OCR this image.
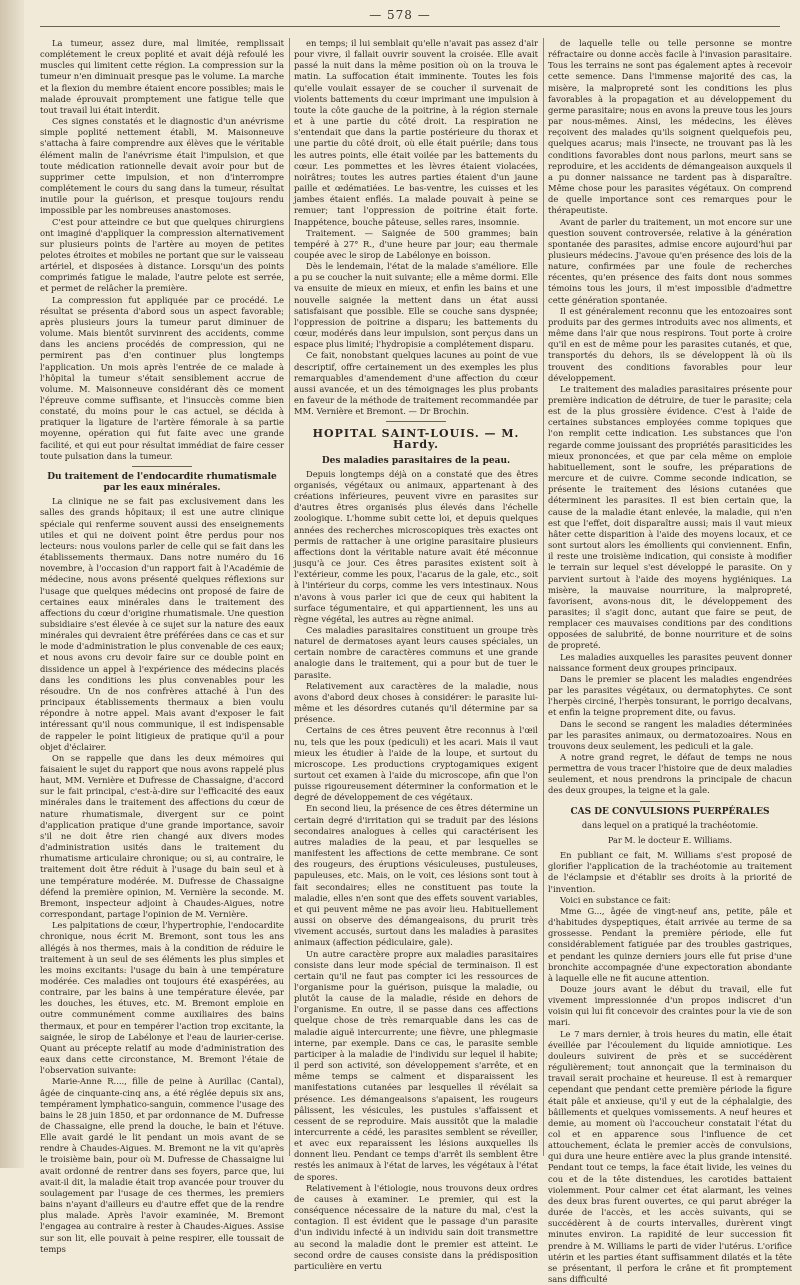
— 578 —

La tumeur, assez dure, mal limitée, remplissait complétement le creux poplité et avait déjà refoulé les muscles qui limitent cette région. La compression sur la tumeur n'en diminuait presque pas le volume. La marche et la flexion du membre étaient encore possibles; mais le malade éprouvait promptement une fatigue telle que tout travail lui était interdit.

Ces signes constatés et le diagnostic d'un anévrisme simple poplité nettement établi, M. Maisonneuve s'attacha à faire comprendre aux élèves que le véritable élément malin de l'anévrisme était l'impulsion, et que toute médication rationnelle devait avoir pour but de supprimer cette impulsion, et non d'interrompre complétement le cours du sang dans la tumeur, résultat inutile pour la guérison, et presque toujours rendu impossible par les nombreuses anastomoses.

C'est pour atteindre ce but que quelques chirurgiens ont imaginé d'appliquer la compression alternativement sur plusieurs points de l'artère au moyen de petites pelotes étroites et mobiles ne portant que sur le vaisseau artériel, et disposées à distance. Lorsqu'un des points comprimés fatigue le malade, l'autre pelote est serrée, et permet de relâcher la première.

La compression fut appliquée par ce procédé. Le résultat se présenta d'abord sous un aspect favorable; après plusieurs jours la tumeur parut diminuer de volume. Mais bientôt survinrent des accidents, comme dans les anciens procédés de compression, qui ne permirent pas d'en continuer plus longtemps l'application. Un mois après l'entrée de ce malade à l'hôpital la tumeur s'était sensiblement accrue de volume. M. Maisonneuve considérant dès ce moment l'épreuve comme suffisante, et l'insuccès comme bien constaté, du moins pour le cas actuel, se décida à pratiquer la ligature de l'artère fémorale à sa partie moyenne, opération qui fut faite avec une grande facilité, et qui eut pour résultat immédiat de faire cesser toute pulsation dans la tumeur.

Du traitement de l'endocardite rhumatismale par les eaux minérales.

La clinique ne se fait pas exclusivement dans les salles des grands hôpitaux; il est une autre clinique spéciale qui renferme souvent aussi des enseignements utiles et qui ne doivent point être perdus pour nos lecteurs: nous voulons parler de celle qui se fait dans les établissements thermaux. Dans notre numéro du 16 novembre, à l'occasion d'un rapport fait à l'Académie de médecine, nous avons présenté quelques réflexions sur l'usage que quelques médecins ont proposé de faire de certaines eaux minérales dans le traitement des affections du cœur d'origine rhumatismale. Une question subsidiaire s'est élevée à ce sujet sur la nature des eaux minérales qui devraient être préférées dans ce cas et sur le mode d'administration le plus convenable de ces eaux; et nous avons cru devoir faire sur ce double point en dissidence un appel à l'expérience des médecins placés dans les conditions les plus convenables pour les résoudre. Un de nos confrères attaché à l'un des principaux établissements thermaux a bien voulu répondre à notre appel. Mais avant d'exposer le fait intéressant qu'il nous communique, il est indispensable de rappeler le point litigieux de pratique qu'il a pour objet d'éclairer.

On se rappelle que dans les deux mémoires qui faisaient le sujet du rapport que nous avons rappelé plus haut, MM. Vernière et Dufresse de Chassaigne, d'accord sur le fait principal, c'est-à-dire sur l'efficacité des eaux minérales dans le traitement des affections du cœur de nature rhumatismale, divergent sur ce point d'application pratique d'une grande importance, savoir s'il ne doit être rien changé aux divers modes d'administration usités dans le traitement du rhumatisme articulaire chronique; ou si, au contraire, le traitement doit être réduit à l'usage du bain seul et à une température modérée. M. Dufresse de Chassaigne défend la première opinion, M. Vernière la seconde. M. Bremont, inspecteur adjoint à Chaudes-Aigues, notre correspondant, partage l'opinion de M. Vernière.

Les palpitations de cœur, l'hypertrophie, l'endocardite chronique, nous écrit M. Bremont, sont tous les ans allégés à nos thermes, mais à la condition de réduire le traitement à un seul de ses éléments les plus simples et les moins excitants: l'usage du bain à une température modérée. Ces maladies ont toujours été exaspérées, au contraire, par les bains à une température élevée, par les douches, les étuves, etc. M. Bremont emploie en outre communément comme auxiliaires des bains thermaux, et pour en tempérer l'action trop excitante, la saignée, le sirop de Labélonye et l'eau de laurier-cerise. Quant au précepte relatif au mode d'administration des eaux dans cette circonstance, M. Bremont l'étaie de l'observation suivante:

Marie-Anne R...., fille de peine à Aurillac (Cantal), âgée de cinquante-cinq ans, a été réglée depuis six ans, tempérament lymphatico-sanguin, commence l'usage des bains le 28 juin 1850, et par ordonnance de M. Dufresse de Chassaigne, elle prend la douche, le bain et l'étuve. Elle avait gardé le lit pendant un mois avant de se rendre à Chaudes-Aigues. M. Bremont ne la vit qu'après le troisième bain, pour où M. Dufresse de Chassaigne lui avait ordonné de rentrer dans ses foyers, parce que, lui avait-il dit, la maladie était trop avancée pour trouver du soulagement par l'usage de ces thermes, les premiers bains n'ayant d'ailleurs eu d'autre effet que de la rendre plus malade. Après l'avoir examinée, M. Bremont l'engagea au contraire à rester à Chaudes-Aigues. Assise sur son lit, elle pouvait à peine respirer, elle toussait de temps

en temps; il lui semblait qu'elle n'avait pas assez d'air pour vivre, il fallait ouvrir souvent la croisée. Elle avait passé la nuit dans la même position où on la trouva le matin. La suffocation était imminente. Toutes les fois qu'elle voulait essayer de se coucher il survenait de violents battements du cœur imprimant une impulsion à toute la côte gauche de la poitrine, à la région sternale et à une partie du côté droit. La respiration ne s'entendait que dans la partie postérieure du thorax et une partie du côté droit, où elle était puérile; dans tous les autres points, elle était voilée par les battements du cœur. Les pommettes et les lèvres étaient violacées, noirâtres; toutes les autres parties étaient d'un jaune paille et œdématiées. Le bas-ventre, les cuisses et les jambes étaient enflés. La malade pouvait à peine se remuer; tant l'oppression de poitrine était forte. Inappétence, bouche pâteuse, selles rares, insomnie.

Traitement. — Saignée de 500 grammes; bain tempéré à 27° R., d'une heure par jour; eau thermale coupée avec le sirop de Labélonye en boisson.

Dès le lendemain, l'état de la malade s'améliore. Elle a pu se coucher la nuit suivante; elle a même dormi. Elle va ensuite de mieux en mieux, et enfin les bains et une nouvelle saignée la mettent dans un état aussi satisfaisant que possible. Elle se couche sans dyspnée; l'oppression de poitrine a disparu; les battements du cœur, modérés dans leur impulsion, sont perçus dans un espace plus limité; l'hydropisie a complétement disparu.

Ce fait, nonobstant quelques lacunes au point de vue descriptif, offre certainement un des exemples les plus remarquables d'amendement d'une affection du cœur aussi avancée, et un des témoignages les plus probants en faveur de la méthode de traitement recommandée par MM. Vernière et Bremont. — Dr Brochin.

HOPITAL SAINT-LOUIS. — M. Hardy.
Des maladies parasitaires de la peau.

Depuis longtemps déjà on a constaté que des êtres organisés, végétaux ou animaux, appartenant à des créations inférieures, peuvent vivre en parasites sur d'autres êtres organisés plus élevés dans l'échelle zoologique. L'homme subit cette loi, et depuis quelques années des recherches microscopiques très exactes ont permis de rattacher à une origine parasitaire plusieurs affections dont la véritable nature avait été méconnue jusqu'à ce jour. Ces êtres parasites existent soit à l'extérieur, comme les poux, l'acarus de la gale, etc., soit à l'intérieur du corps, comme les vers intestinaux. Nous n'avons à vous parler ici que de ceux qui habitent la surface tégumentaire, et qui appartiennent, les uns au règne végétal, les autres au règne animal.

Ces maladies parasitaires constituent un groupe très naturel de dermatoses ayant leurs causes spéciales, un certain nombre de caractères communs et une grande analogie dans le traitement, qui a pour but de tuer le parasite.

Relativement aux caractères de la maladie, nous avons d'abord deux choses à considérer: le parasite lui-même et les désordres cutanés qu'il détermine par sa présence.

Certains de ces êtres peuvent être reconnus à l'œil nu, tels que les poux (pediculi) et les acari. Mais il vaut mieux les étudier à l'aide de la loupe, et surtout du microscope. Les productions cryptogamiques exigent surtout cet examen à l'aide du microscope, afin que l'on puisse rigoureusement déterminer la conformation et le degré de développement de ces végétaux.

En second lieu, la présence de ces êtres détermine un certain degré d'irritation qui se traduit par des lésions secondaires analogues à celles qui caractérisent les autres maladies de la peau, et par lesquelles se manifestent les affections de cette membrane. Ce sont des rougeurs, des éruptions vésiculeuses, pustuleuses, papuleuses, etc. Mais, on le voit, ces lésions sont tout à fait secondaires; elles ne constituent pas toute la maladie, elles n'en sont que des effets souvent variables, et qui peuvent même ne pas avoir lieu. Habituellement aussi on observe des démangeaisons, du prurit très vivement accusés, surtout dans les maladies à parasites animaux (affection pédiculaire, gale).

Un autre caractère propre aux maladies parasitaires consiste dans leur mode spécial de terminaison. Il est certain qu'il ne faut pas compter ici les ressources de l'organisme pour la guérison, puisque la maladie, ou plutôt la cause de la maladie, réside en dehors de l'organisme. En outre, il se passe dans ces affections quelque chose de très remarquable dans les cas de maladie aiguë intercurrente; une fièvre, une phlegmasie interne, par exemple. Dans ce cas, le parasite semble participer à la maladie de l'individu sur lequel il habite; il perd son activité, son développement s'arrête, et en même temps se calment et disparaissent les manifestations cutanées par lesquelles il révélait sa présence. Les démangeaisons s'apaisent, les rougeurs pâlissent, les vésicules, les pustules s'affaissent et cessent de se reproduire. Mais aussitôt que la maladie intercurrente a cédé, les parasites semblent se réveiller, et avec eux reparaissent les lésions auxquelles ils donnent lieu. Pendant ce temps d'arrêt ils semblent être restés les animaux à l'état de larves, les végétaux à l'état de spores.

Relativement à l'étiologie, nous trouvons deux ordres de causes à examiner. Le premier, qui est la conséquence nécessaire de la nature du mal, c'est la contagion. Il est évident que le passage d'un parasite d'un individu infecté à un individu sain doit transmettre au second la maladie dont le premier est atteint. Le second ordre de causes consiste dans la prédisposition particulière en vertu

de laquelle telle ou telle personne se montre réfractaire ou donne accès facile à l'invasion parasitaire. Tous les terrains ne sont pas également aptes à recevoir cette semence. Dans l'immense majorité des cas, la misère, la malpropreté sont les conditions les plus favorables à la propagation et au développement du germe parasitaire; nous en avons la preuve tous les jours par nous-mêmes. Ainsi, les médecins, les élèves reçoivent des malades qu'ils soignent quelquefois peu, quelques acarus; mais l'insecte, ne trouvant pas là les conditions favorables dont nous parlons, meurt sans se reproduire, et les accidents de démangeaison auxquels il a pu donner naissance ne tardent pas à disparaître. Même chose pour les parasites végétaux. On comprend de quelle importance sont ces remarques pour le thérapeutiste.

Avant de parler du traitement, un mot encore sur une question souvent controversée, relative à la génération spontanée des parasites, admise encore aujourd'hui par plusieurs médecins. J'avoue qu'en présence des lois de la nature, confirmées par une foule de recherches récentes, qu'en présence des faits dont nous sommes témoins tous les jours, il m'est impossible d'admettre cette génération spontanée.

Il est généralement reconnu que les entozoaires sont produits par des germes introduits avec nos aliments, et même dans l'air que nous respirons. Tout porte à croire qu'il en est de même pour les parasites cutanés, et que, transportés du dehors, ils se développent là où ils trouvent des conditions favorables pour leur développement.

Le traitement des maladies parasitaires présente pour première indication de détruire, de tuer le parasite; cela est de la plus grossière évidence. C'est à l'aide de certaines substances employées comme topiques que l'on remplit cette indication. Les substances que l'on regarde comme jouissant des propriétés parasiticides les mieux prononcées, et que par cela même on emploie habituellement, sont le soufre, les préparations de mercure et de cuivre. Comme seconde indication, se présente le traitement des lésions cutanées que déterminent les parasites. Il est bien certain que, la cause de la maladie étant enlevée, la maladie, qui n'en est que l'effet, doit disparaître aussi; mais il vaut mieux hâter cette disparition à l'aide des moyens locaux, et ce sont surtout alors les émollients qui conviennent. Enfin, il reste une troisième indication, qui consiste à modifier le terrain sur lequel s'est développé le parasite. On y parvient surtout à l'aide des moyens hygiéniques. La misère, la mauvaise nourriture, la malpropreté, favorisent, avons-nous dit, le développement des parasites; il s'agit donc, autant que faire se peut, de remplacer ces mauvaises conditions par des conditions opposées de salubrité, de bonne nourriture et de soins de propreté.

Les maladies auxquelles les parasites peuvent donner naissance forment deux groupes principaux.

Dans le premier se placent les maladies engendrées par les parasites végétaux, ou dermatophytes. Ce sont l'herpès circiné, l'herpès tonsurant, le porrigo decalvans, et enfin la teigne proprement dite, ou favus.

Dans le second se rangent les maladies déterminées par les parasites animaux, ou dermatozoaires. Nous en trouvons deux seulement, les pediculi et la gale.

A notre grand regret, le défaut de temps ne nous permettra de vous tracer l'histoire que de deux maladies seulement, et nous prendrons la principale de chacun des deux groupes, la teigne et la gale.

CAS DE CONVULSIONS PUERPÉRALES
dans lequel on a pratiqué la trachéotomie.
Par M. le docteur E. Williams.

En publiant ce fait, M. Williams s'est proposé de glorifier l'application de la trachéotomie au traitement de l'éclampsie et d'établir ses droits à la priorité de l'invention.

Voici en substance ce fait:

Mme G..., âgée de vingt-neuf ans, petite, pâle et d'habitudes dyspeptiques, était arrivée au terme de sa grossesse. Pendant la première période, elle fut considérablement fatiguée par des troubles gastriques, et pendant les quinze derniers jours elle fut prise d'une bronchite accompagnée d'une expectoration abondante à laquelle elle ne fit aucune attention.

Douze jours avant le début du travail, elle fut vivement impressionnée d'un propos indiscret d'un voisin qui lui fit concevoir des craintes pour la vie de son mari.

Le 7 mars dernier, à trois heures du matin, elle était éveillée par l'écoulement du liquide amniotique. Les douleurs suivirent de près et se succédèrent régulièrement; tout annonçait que la terminaison du travail serait prochaine et heureuse. Il est à remarquer cependant que pendant cette première période la figure était pâle et anxieuse, qu'il y eut de la céphalalgie, des bâillements et quelques vomissements. A neuf heures et demie, au moment où l'accoucheur constatait l'état du col et en apparence sous l'influence de cet attouchement, éclata le premier accès de convulsions, qui dura une heure entière avec la plus grande intensité. Pendant tout ce temps, la face était livide, les veines du cou et de la tête distendues, les carotides battaient violemment. Pour calmer cet état alarmant, les veines des deux bras furent ouvertes, ce qui parut abréger la durée de l'accès, et les accès suivants, qui se succédèrent à de courts intervalles, durèrent vingt minutes environ. La rapidité de leur succession fit prendre à M. Williams le parti de vider l'utérus. L'orifice utérin et les parties étant suffisamment dilatés et la tête se présentant, il perfora le crâne et fit promptement sans difficulté
